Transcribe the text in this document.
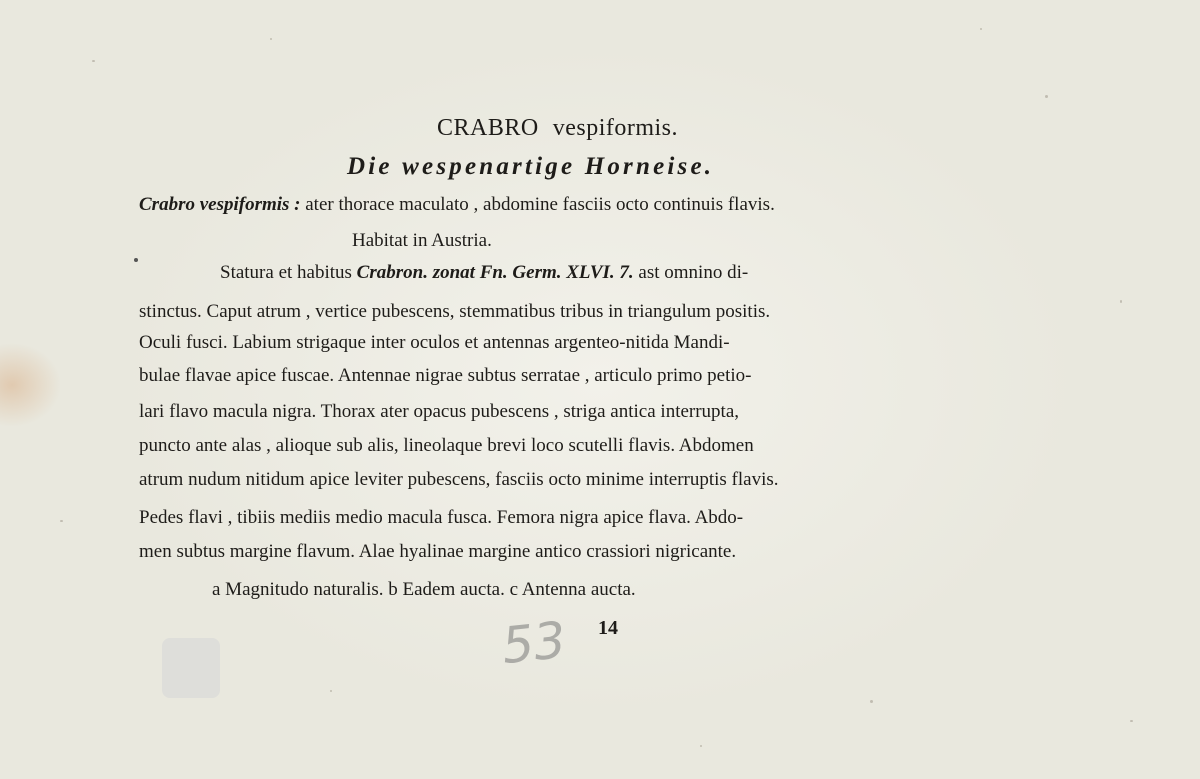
CRABRO vespiformis.
Die wespenartige Horneise.
Crabro vespiformis : ater thorace maculato , abdomine fasciis octo continuis flavis.
Habitat in Austria.
Statura et habitus Crabron. zonat Fn. Germ. XLVI. 7. ast omnino di-
stinctus. Caput atrum , vertice pubescens, stemmatibus tribus in triangulum positis.
Oculi fusci. Labium strigaque inter oculos et antennas argenteo-nitida Mandi-
bulae flavae apice fuscae. Antennae nigrae subtus serratae , articulo primo petio-
lari flavo macula nigra. Thorax ater opacus pubescens , striga antica interrupta,
puncto ante alas , alioque sub alis, lineolaque brevi loco scutelli flavis. Abdomen
atrum nudum nitidum apice leviter pubescens, fasciis octo minime interruptis flavis.
Pedes flavi , tibiis mediis medio macula fusca. Femora nigra apice flava. Abdo-
men subtus margine flavum. Alae hyalinae margine antico crassiori nigricante.
a Magnitudo naturalis. b Eadem aucta. c Antenna aucta.
53 14
